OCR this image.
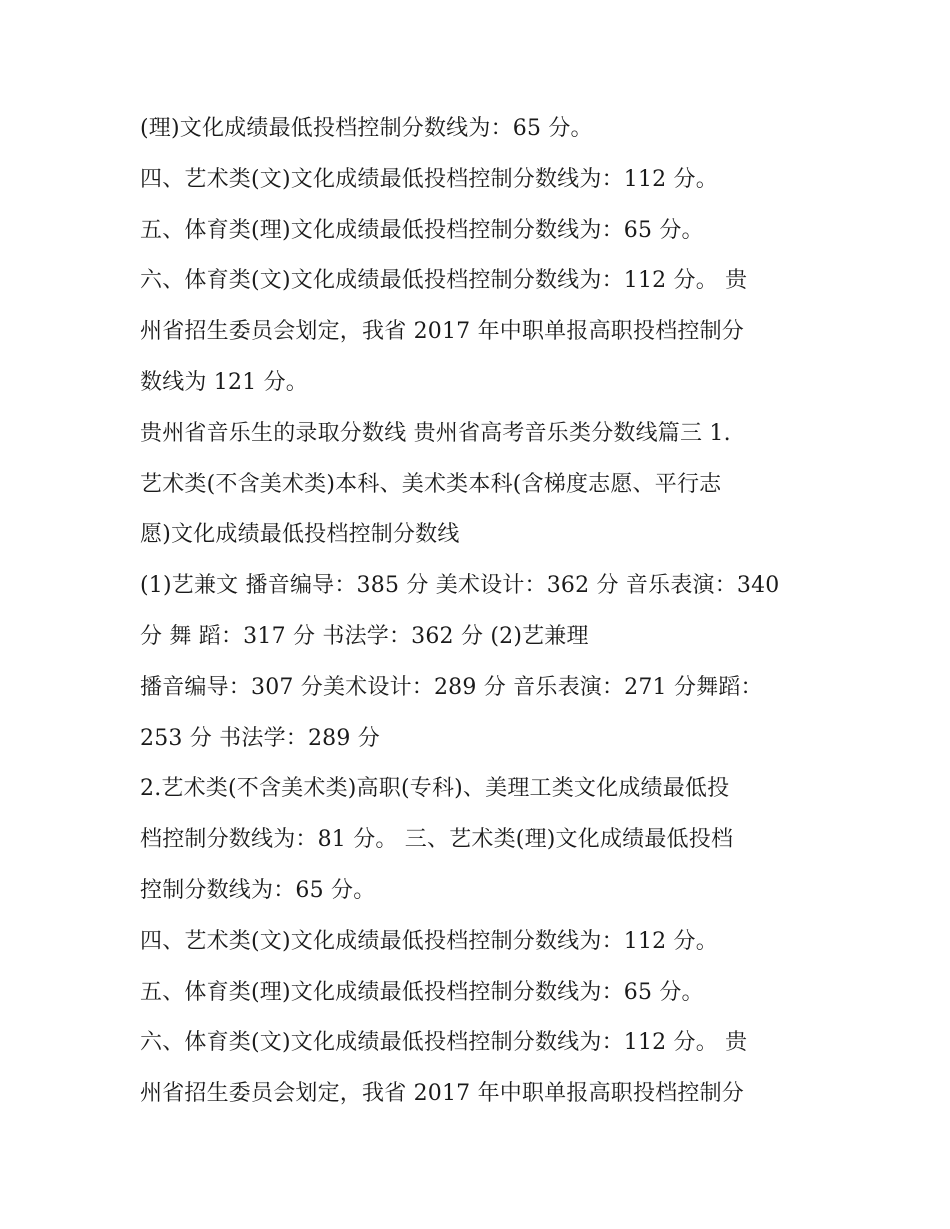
(理)文化成绩最低投档控制分数线为：65 分。
四、艺术类(文)文化成绩最低投档控制分数线为：112 分。
五、体育类(理)文化成绩最低投档控制分数线为：65 分。
六、体育类(文)文化成绩最低投档控制分数线为：112 分。 贵
州省招生委员会划定，我省 2017 年中职单报高职投档控制分
数线为 121 分。
贵州省音乐生的录取分数线 贵州省高考音乐类分数线篇三 1.
艺术类(不含美术类)本科、美术类本科(含梯度志愿、平行志
愿)文化成绩最低投档控制分数线
(1)艺兼文 播音编导：385 分 美术设计：362 分 音乐表演：340
分 舞 蹈：317 分 书法学：362 分 (2)艺兼理
播音编导：307 分美术设计：289 分 音乐表演：271 分舞蹈：
253 分 书法学：289 分
2.艺术类(不含美术类)高职(专科)、美理工类文化成绩最低投
档控制分数线为：81 分。 三、艺术类(理)文化成绩最低投档
控制分数线为：65 分。
四、艺术类(文)文化成绩最低投档控制分数线为：112 分。
五、体育类(理)文化成绩最低投档控制分数线为：65 分。
六、体育类(文)文化成绩最低投档控制分数线为：112 分。 贵
州省招生委员会划定，我省 2017 年中职单报高职投档控制分
